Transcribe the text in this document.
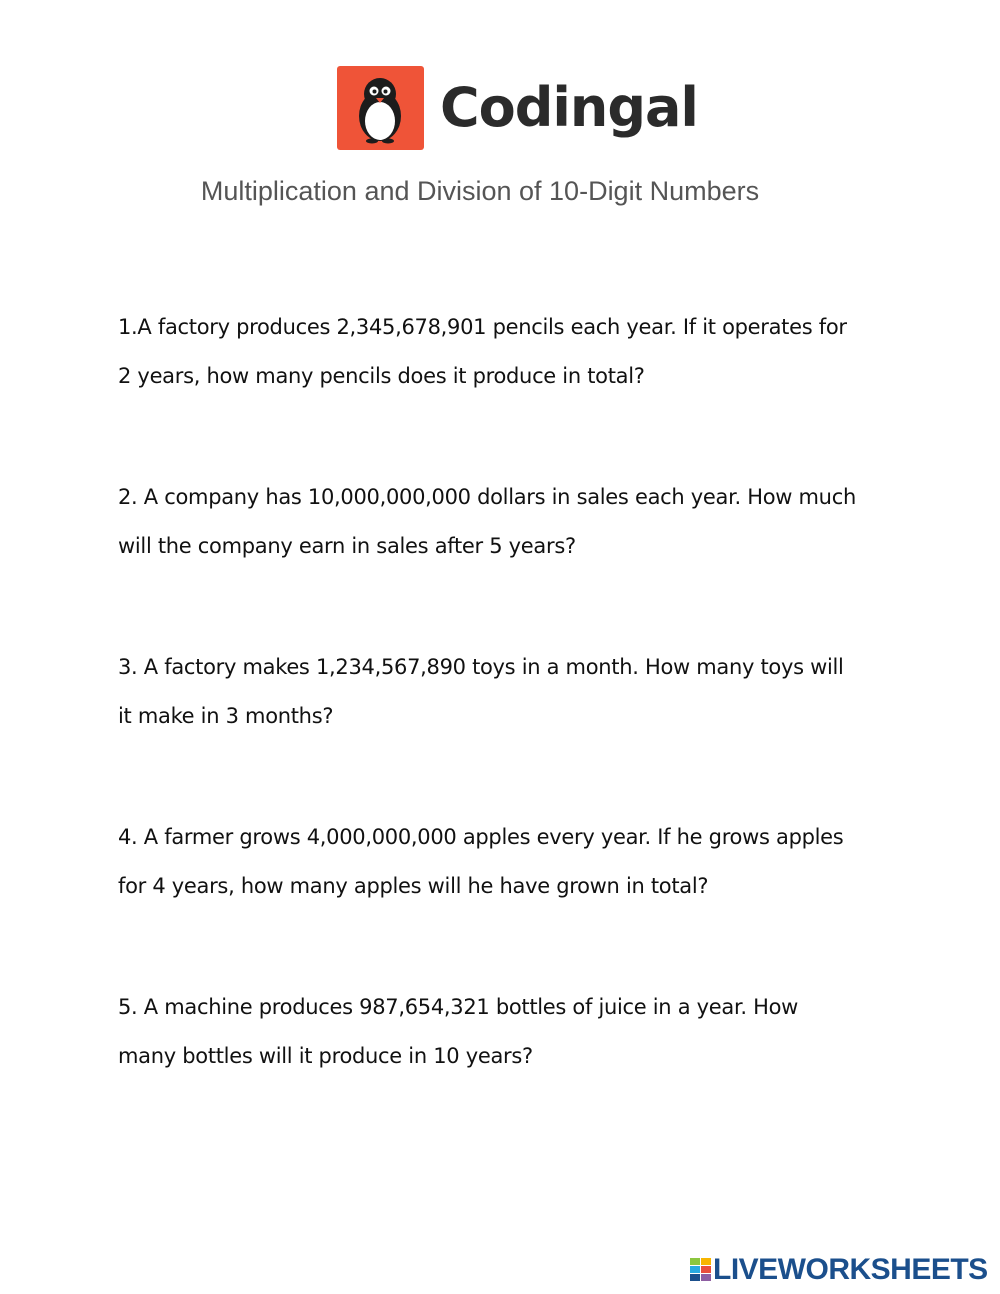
Codingal
Multiplication and Division of 10-Digit Numbers
1.A factory produces 2,345,678,901 pencils each year. If it operates for
2 years, how many pencils does it produce in total?
2. A company has 10,000,000,000 dollars in sales each year. How much
will the company earn in sales after 5 years?
3. A factory makes 1,234,567,890 toys in a month. How many toys will
it make in 3 months?
4. A farmer grows 4,000,000,000 apples every year. If he grows apples
for 4 years, how many apples will he have grown in total?
5. A machine produces 987,654,321 bottles of juice in a year. How
many bottles will it produce in 10 years?
LIVEWORKSHEETS
